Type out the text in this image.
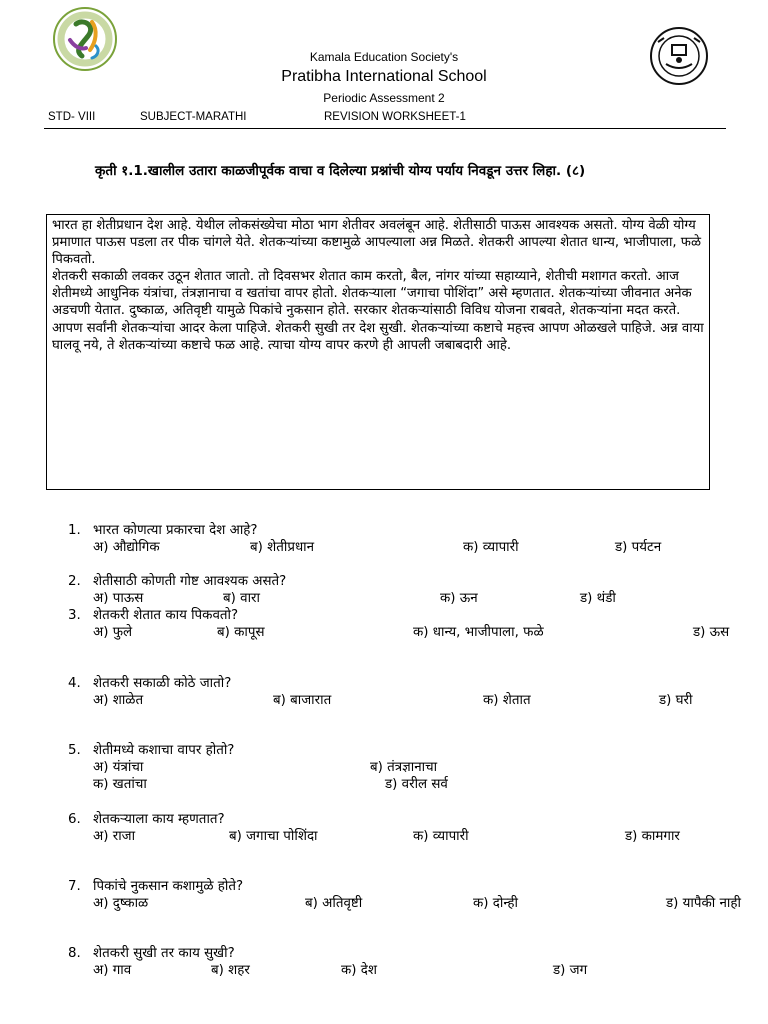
Kamala Education Society's
Pratibha International School
Periodic Assessment 2
STD- VIII	SUBJECT-MARATHI	REVISION WORKSHEET-1
कृती १.1.खालील उतारा काळजीपूर्वक वाचा व दिलेल्या प्रश्नांची योग्य पर्याय निवडून उत्तर लिहा. (८)

भारत हा शेतीप्रधान देश आहे. येथील लोकसंख्येचा मोठा भाग शेतीवर अवलंबून आहे. शेतीसाठी पाऊस आवश्यक असतो. योग्य वेळी योग्य प्रमाणात पाऊस पडला तर पीक चांगले येते. शेतकऱ्यांच्या कष्टामुळे आपल्याला अन्न मिळते. शेतकरी आपल्या शेतात धान्य, भाजीपाला, फळे पिकवतो.

शेतकरी सकाळी लवकर उठून शेतात जातो. तो दिवसभर शेतात काम करतो, बैल, नांगर यांच्या सहाय्याने, शेतीची मशागत करतो. आज शेतीमध्ये आधुनिक यंत्रांचा, तंत्रज्ञानाचा व खतांचा वापर होतो. शेतकऱ्याला “जगाचा पोशिंदा” असे म्हणतात. शेतकऱ्यांच्या जीवनात अनेक अडचणी येतात. दुष्काळ, अतिवृष्टी यामुळे पिकांचे नुकसान होते. सरकार शेतकऱ्यांसाठी विविध योजना राबवते, शेतकऱ्यांना मदत करते.

आपण सर्वांनी शेतकऱ्यांचा आदर केला पाहिजे. शेतकरी सुखी तर देश सुखी. शेतकऱ्यांच्या कष्टाचे महत्त्व आपण ओळखले पाहिजे. अन्न वाया घालवू नये, ते शेतकऱ्यांच्या कष्टाचे फळ आहे. त्याचा योग्य वापर करणे ही आपली जबाबदारी आहे.

1. भारत कोणत्या प्रकारचा देश आहे?
अ) औद्योगिक	ब) शेतीप्रधान	क) व्यापारी	ड) पर्यटन
2. शेतीसाठी कोणती गोष्ट आवश्यक असते?
अ) पाऊस	ब) वारा	क) ऊन	ड) थंडी
3. शेतकरी शेतात काय पिकवतो?
अ) फुले	ब) कापूस	क) धान्य, भाजीपाला, फळे	ड) ऊस
4. शेतकरी सकाळी कोठे जातो?
अ) शाळेत	ब) बाजारात	क) शेतात	ड) घरी
5. शेतीमध्ये कशाचा वापर होतो?
अ) यंत्रांचा	ब) तंत्रज्ञानाचा
क) खतांचा	ड) वरील सर्व
6. शेतकऱ्याला काय म्हणतात?
अ) राजा	ब) जगाचा पोशिंदा	क) व्यापारी	ड) कामगार
7. पिकांचे नुकसान कशामुळे होते?
अ) दुष्काळ	ब) अतिवृष्टी	क) दोन्ही	ड) यापैकी नाही
8. शेतकरी सुखी तर काय सुखी?
अ) गाव	ब) शहर	क) देश	ड) जग
